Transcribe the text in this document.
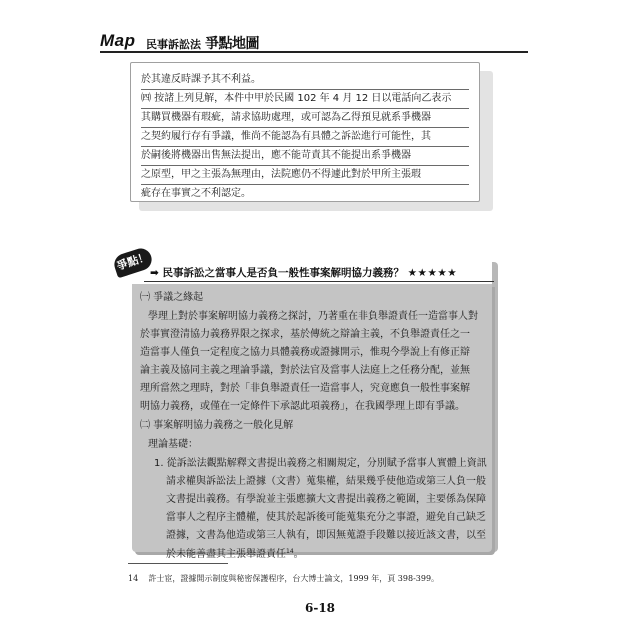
Map 民事訴訟法 爭點地圖
於其違反時課予其不利益。
㈣ 按諸上列見解，本件中甲於民國 102 年 4 月 12 日以電話向乙表示
其購買機器有瑕疵，請求協助處理，或可認為乙得預見就系爭機器
之契約履行存有爭議，惟尚不能認為有具體之訴訟進行可能性，其
於嗣後將機器出售無法提出，應不能苛責其不能提出系爭機器
之原型，甲之主張為無理由，法院應仍不得遽此對於甲所主張瑕
疵存在事實之不利認定。
爭點！
➡ 民事訴訟之當事人是否負一般性事案解明協力義務？ ★★★★★
㈠ 爭議之緣起
學理上對於事案解明協力義務之探討，乃著重在非負舉證責任一造當事人對
於事實澄清協力義務界限之探求，基於傳統之辯論主義，不負舉證責任之一
造當事人僅負一定程度之協力具體義務或證據開示，惟現今學說上有修正辯
論主義及協同主義之理論爭議，對於法官及當事人法庭上之任務分配，並無
理所當然之理時，對於「非負舉證責任一造當事人，究竟應負一般性事案解
明協力義務，或僅在一定條件下承認此項義務」，在我國學理上即有爭議。
㈡ 事案解明協力義務之一般化見解
理論基礎：
1. 從訴訟法觀點解釋文書提出義務之相關規定，分別賦予當事人實體上資訊
請求權與訴訟法上證據（文書）蒐集權，結果幾乎使他造或第三人負一般
文書提出義務。有學說並主張應擴大文書提出義務之範圍，主要係為保障
當事人之程序主體權，使其於起訴後可能蒐集充分之事證，避免自己缺乏
證據，文書為他造或第三人執有，即因無蒐證手段難以接近該文書，以至
於未能善盡其主張舉證責任$^{14}$。
14 許士宦，證據開示制度與秘密保護程序，台大博士論文，1999 年，頁 398-399。
6-18
